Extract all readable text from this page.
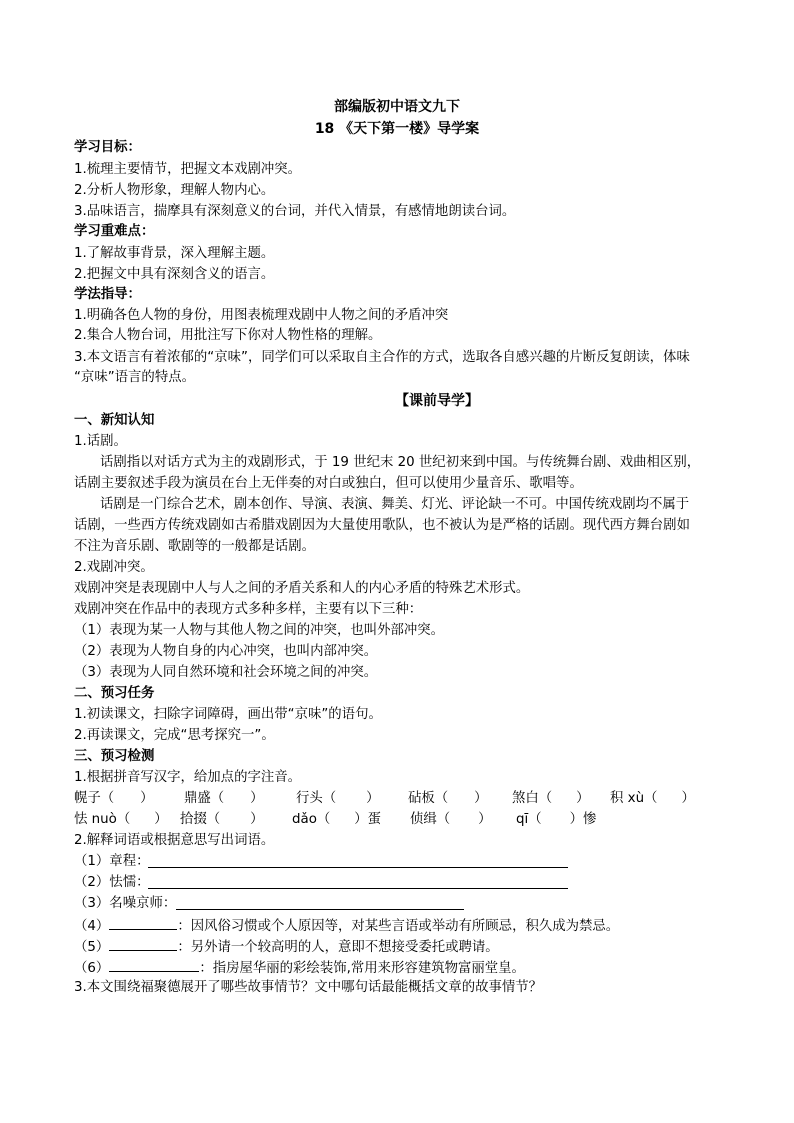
部编版初中语文九下
18 《天下第一楼》导学案
学习目标：
1.梳理主要情节，把握文本戏剧冲突。
2.分析人物形象，理解人物内心。
3.品味语言，揣摩具有深刻意义的台词，并代入情景，有感情地朗读台词。
学习重难点：
1.了解故事背景，深入理解主题。
2.把握文中具有深刻含义的语言。
学法指导：
1.明确各色人物的身份，用图表梳理戏剧中人物之间的矛盾冲突
2.集合人物台词，用批注写下你对人物性格的理解。
3.本文语言有着浓郁的“京味”，同学们可以采取自主合作的方式，选取各自感兴趣的片断反复朗读，体味
“京味”语言的特点。
【课前导学】
一、新知认知
1.话剧。
话剧指以对话方式为主的戏剧形式，于 19 世纪末 20 世纪初来到中国。与传统舞台剧、戏曲相区别，
话剧主要叙述手段为演员在台上无伴奏的对白或独白，但可以使用少量音乐、歌唱等。
话剧是一门综合艺术，剧本创作、导演、表演、舞美、灯光、评论缺一不可。中国传统戏剧均不属于
话剧，一些西方传统戏剧如古希腊戏剧因为大量使用歌队，也不被认为是严格的话剧。现代西方舞台剧如
不注为音乐剧、歌剧等的一般都是话剧。
2.戏剧冲突。
戏剧冲突是表现剧中人与人之间的矛盾关系和人的内心矛盾的特殊艺术形式。
戏剧冲突在作品中的表现方式多种多样，主要有以下三种：
（1）表现为某一人物与其他人物之间的冲突，也叫外部冲突。
（2）表现为人物自身的内心冲突，也叫内部冲突。
（3）表现为人同自然环境和社会环境之间的冲突。
二、预习任务
1.初读课文，扫除字词障碍，画出带“京味”的语句。
2.再读课文，完成“思考探究一”。
三、预习检测
1.根据拼音写汉字，给加点的字注音。
幌子（ ） 鼎盛（ ） 行头（ ） 砧板（ ） 煞白（ ） 积 xù（ ）
怯 nuò（ ） 拾掇（ ） dǎo（ ）蛋 侦缉（ ） qī（ ）惨
2.解释词语或根据意思写出词语。
（1）章程：
（2）怯懦：
（3）名噪京师：
（4）	：因风俗习惯或个人原因等，对某些言语或举动有所顾忌，积久成为禁忌。
（5）	：另外请一个较高明的人，意即不想接受委托或聘请。
（6）	：指房屋华丽的彩绘装饰,常用来形容建筑物富丽堂皇。
3.本文围绕福聚德展开了哪些故事情节？文中哪句话最能概括文章的故事情节？
